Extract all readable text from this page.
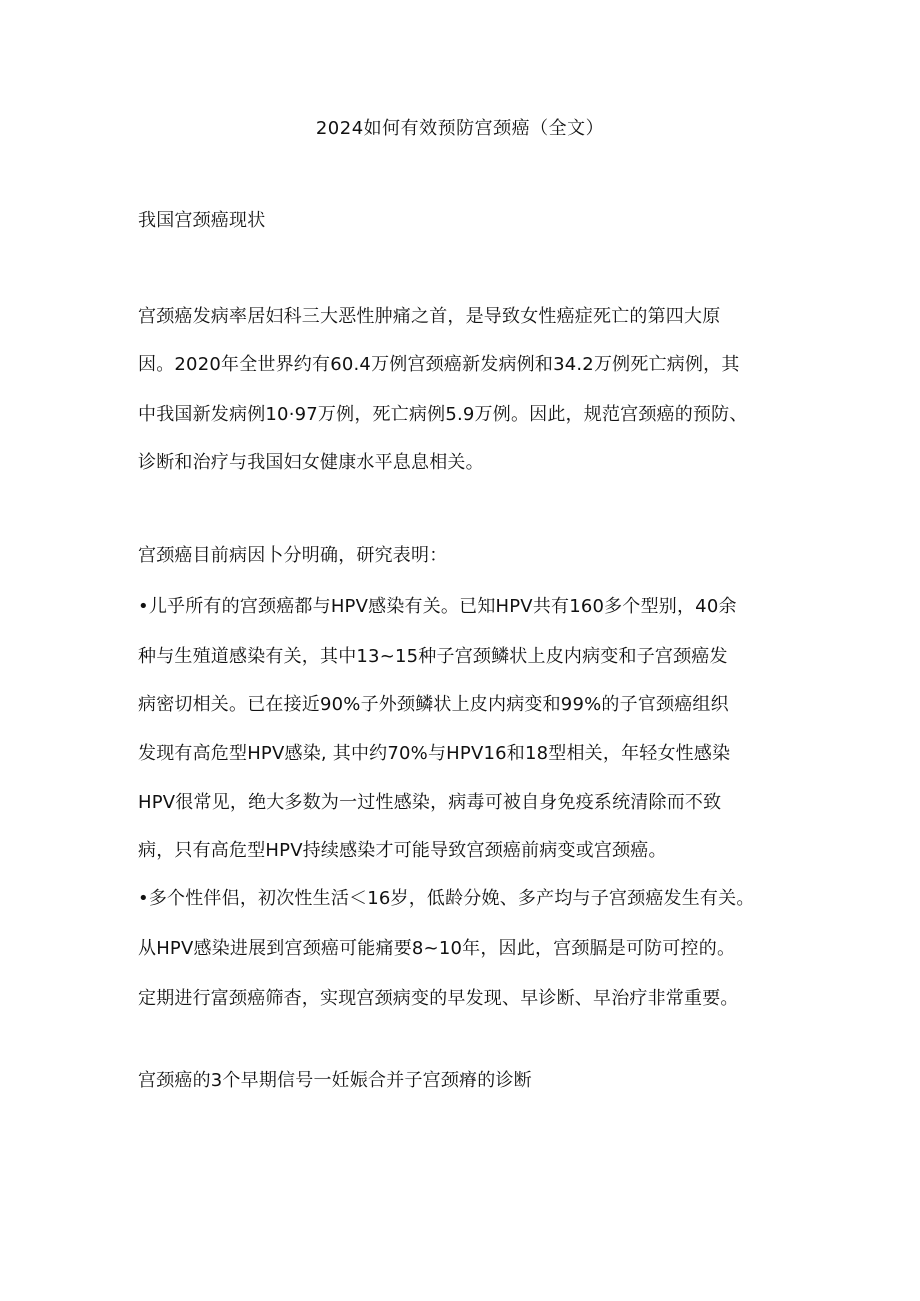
2024如何有效预防宫颈癌（全文）
我国宫颈癌现状
宫颈癌发病率居妇科三大恶性肿痛之首，是导致女性癌症死亡的第四大原
因。2020年全世界约有60.4万例宫颈癌新发病例和34.2万例死亡病例，其
中我国新发病例10·97万例，死亡病例5.9万例。因此，规范宫颈癌的预防、
诊断和治疗与我国妇女健康水平息息相关。
宫颈癌目前病因卜分明确，研究表明：
•儿乎所有的宫颈癌都与HPV感染有关。已知HPV共有160多个型别，40余
种与生殖道感染有关，其中13~15种子宫颈鳞状上皮内病变和子宫颈癌发
病密切相关。已在接近90%子外颈鳞状上皮内病变和99%的子官颈癌组织
发现有高危型HPV感染, 其中约70%与HPV16和18型相关，年轻女性感染
HPV很常见，绝大多数为一过性感染，病毒可被自身免疫系统清除而不致
病，只有高危型HPV持续感染才可能导致宫颈癌前病变或宫颈癌。
•多个性伴侣，初次性生活＜16岁，低龄分娩、多产均与子宫颈癌发生有关。
从HPV感染进展到宫颈癌可能痛要8~10年，因此，宫颈膈是可防可控的。
定期进行富颈癌筛杳，实现宫颈病变的早发现、早诊断、早治疗非常重要。
宫颈癌的3个早期信号一妊娠合并子宫颈瘠的诊断
